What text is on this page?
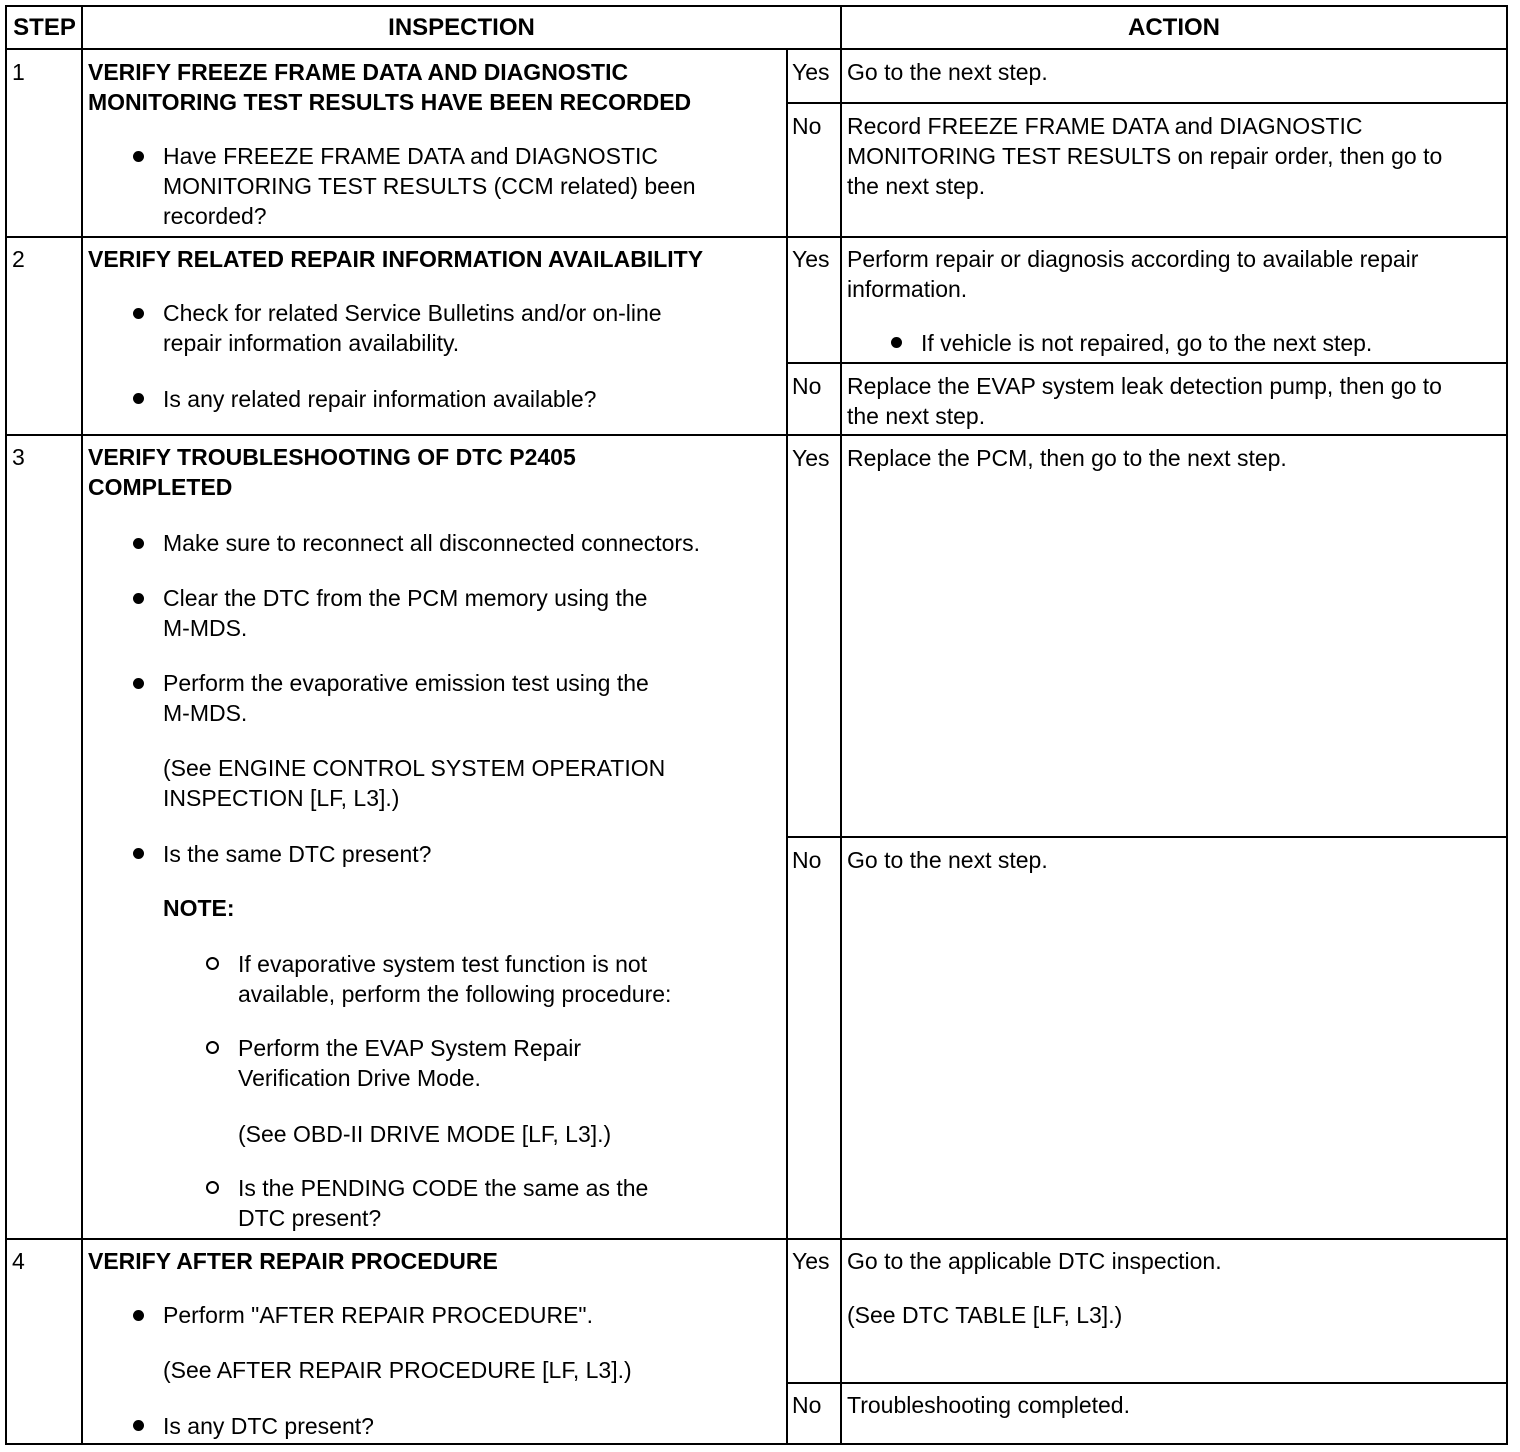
STEP	INSPECTION	ACTION
1	VERIFY FREEZE FRAME DATA AND DIAGNOSTIC
MONITORING TEST RESULTS HAVE BEEN RECORDED
Have FREEZE FRAME DATA and DIAGNOSTIC
MONITORING TEST RESULTS (CCM related) been
recorded?
Yes Go to the next step.
No Record FREEZE FRAME DATA and DIAGNOSTIC
MONITORING TEST RESULTS on repair order, then go to
the next step.
2	VERIFY RELATED REPAIR INFORMATION AVAILABILITY
Check for related Service Bulletins and/or on-line
repair information availability.
Is any related repair information available?
Yes Perform repair or diagnosis according to available repair
information.
If vehicle is not repaired, go to the next step.
No Replace the EVAP system leak detection pump, then go to
the next step.
3	VERIFY TROUBLESHOOTING OF DTC P2405
COMPLETED
Make sure to reconnect all disconnected connectors.
Clear the DTC from the PCM memory using the
M-MDS.
Perform the evaporative emission test using the
M-MDS.
(See ENGINE CONTROL SYSTEM OPERATION
INSPECTION [LF, L3].)
Is the same DTC present?
NOTE:
If evaporative system test function is not
available, perform the following procedure:
Perform the EVAP System Repair
Verification Drive Mode.
(See OBD-II DRIVE MODE [LF, L3].)
Is the PENDING CODE the same as the
DTC present?
Yes Replace the PCM, then go to the next step.
No Go to the next step.
4	VERIFY AFTER REPAIR PROCEDURE
Perform "AFTER REPAIR PROCEDURE".
(See AFTER REPAIR PROCEDURE [LF, L3].)
Is any DTC present?
Yes Go to the applicable DTC inspection.
(See DTC TABLE [LF, L3].)
No Troubleshooting completed.
